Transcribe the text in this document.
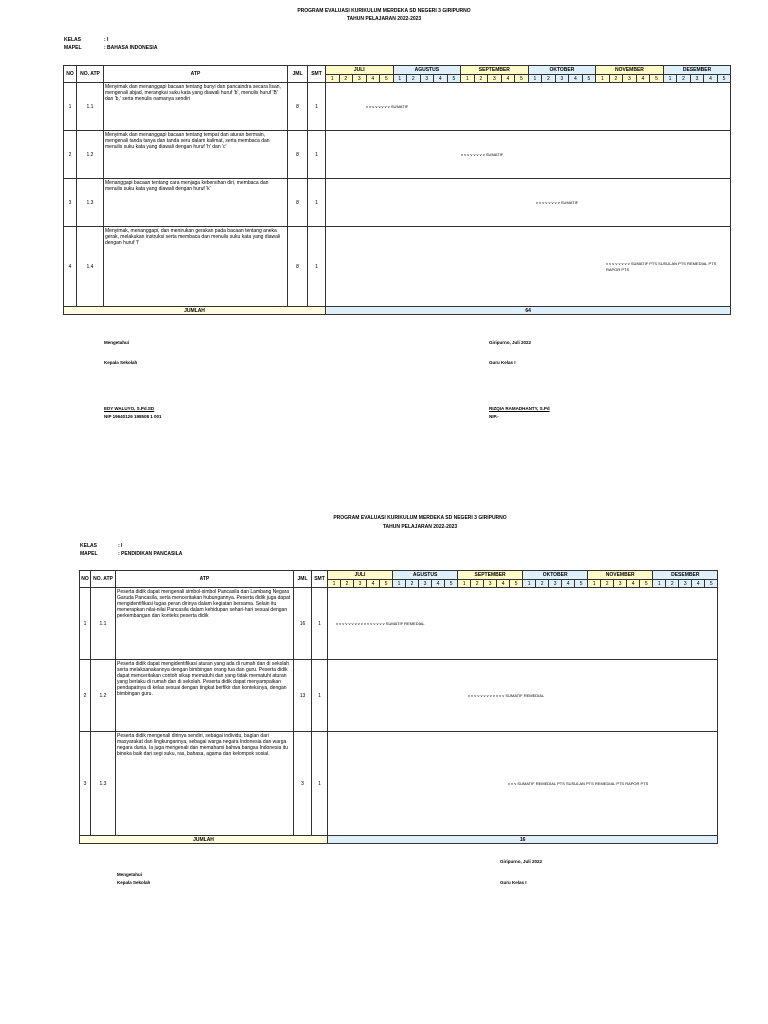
PROGRAM EVALUASI KURIKULUM MERDEKA SD NEGERI 3 GIRIPURNO
TAHUN PELAJARAN 2022-2023
KELAS	: I
MAPEL	: BAHASA INDONESIA
NO	NO. ATP	ATP	JML	SMT	JULI					AGUSTUS					SEPTEMBER					OKTOBER					NOVEMBER					DESEMBER				
					1	2	3	4	5	1	2	3	4	5	1	2	3	4	5	1	2	3	4	5	1	2	3	4	5	1	2	3	4	5
1	1.1	Menyimak dan menanggapi bacaan tentang bunyi dan pancaindra secara lisan, mengenali abjad, merangkai suku kata yang diawali huruf 'b', menulis huruf 'B' dan 'b,' serta menulis namanya sendiri	8	1	v v v v v v v v SUMATIF																													
2	1.2	Menyimak dan menanggapi bacaan tentang tempat dan aturan bermain, mengenali tanda tanya dan tanda seru dalam kalimat, serta membaca dan menulis suku kata yang diawali dengan huruf 'h' dan 'c'	8	1	v v v v v v v v SUMATIF																													
3	1.3	Menanggapi bacaan tentang cara menjaga kebersihan diri, membaca dan menulis suku kata yang diawali dengan huruf 'k'	8	1	v v v v v v v v SUMATIF																													
4	1.4	Menyimak, menanggapi, dan menirukan gerakan pada bacaan tentang aneka gerak, melakukan instruksi serta membaca dan menulis suku kata yang diawali dengan huruf 'l'	8	1	v v v v v v v v SUMATIF PTS SUSULAN PTS REMEDIAL PTS RAPOR PTS																													
JUMLAH					64																													
Mengetahui
Kepala Sekolah
Giripurno, Juli 2022
Guru Kelas I
EDY WALUYO, S.Pd.SD
NIP 19640126 198508 1 001
RIZQIA RAMADHANTY, S.Pd
NIP.-
PROGRAM EVALUASI KURIKULUM MERDEKA SD NEGERI 3 GIRIPURNO
TAHUN PELAJARAN 2022-2023
KELAS	: I
MAPEL	: PENDIDIKAN PANCASILA
NO	NO. ATP	ATP	JML	SMT	JULI					AGUSTUS					SEPTEMBER					OKTOBER					NOVEMBER					DESEMBER				
					1	2	3	4	5	1	2	3	4	5	1	2	3	4	5	1	2	3	4	5	1	2	3	4	5	1	2	3	4	5
1	1.1	Peserta didik dapat mengenali simbol-simbol Pancasila dan Lambang Negara Garuda Pancasila, serta menceritakan hubungannya. Peserta didik juga dapat mengidentifikasi tugas peran dirinya dalam kegiatan bersama. Selain itu menerapkan nilai-nilai Pancasila dalam kehidupan sehari-hari sesuai dengan perkembangan dan konteks peserta didik	16	1	v v v v v v v v v v v v v v v v SUMATIF REMEDIAL																													
2	1.2	Peserta didik dapat mengidentifikasi aturan yang ada di rumah dan di sekolah serta melaksanakannya dengan bimbingan orang tua dan guru. Peserta didik dapat menceritakan contoh sikap mematuhi dan yang tidak mematuhi aturan yang berlaku di rumah dan di sekolah. Peserta didik dapat menyampaikan pendapatnya di kelas sesuai dengan tingkat berfikir dan konteksnya, dengan bimbingan guru.	13	1	v v v v v v v v v v v v SUMATIF REMEDIAL																													
3	1.3	Peserta didik mengenali dirinya sendiri, sebagai individu, bagian dari masyarakat dan lingkungannya, sebagai warga negara Indonesia dan warga negara dunia. Ia juga mengenali dan memahami bahwa bangsa Indonesia itu bineka baik dari segi suku, ras, bahasa, agama dan kelompok sosial.	3	1	v v v SUMATIF REMEDIAL PTS SUSULAN PTS REMEDIAL PTS RAPOR PTS																													
JUMLAH					16																													
Giripurno, Juli 2022
Mengetahui
Kepala Sekolah	Guru Kelas I
